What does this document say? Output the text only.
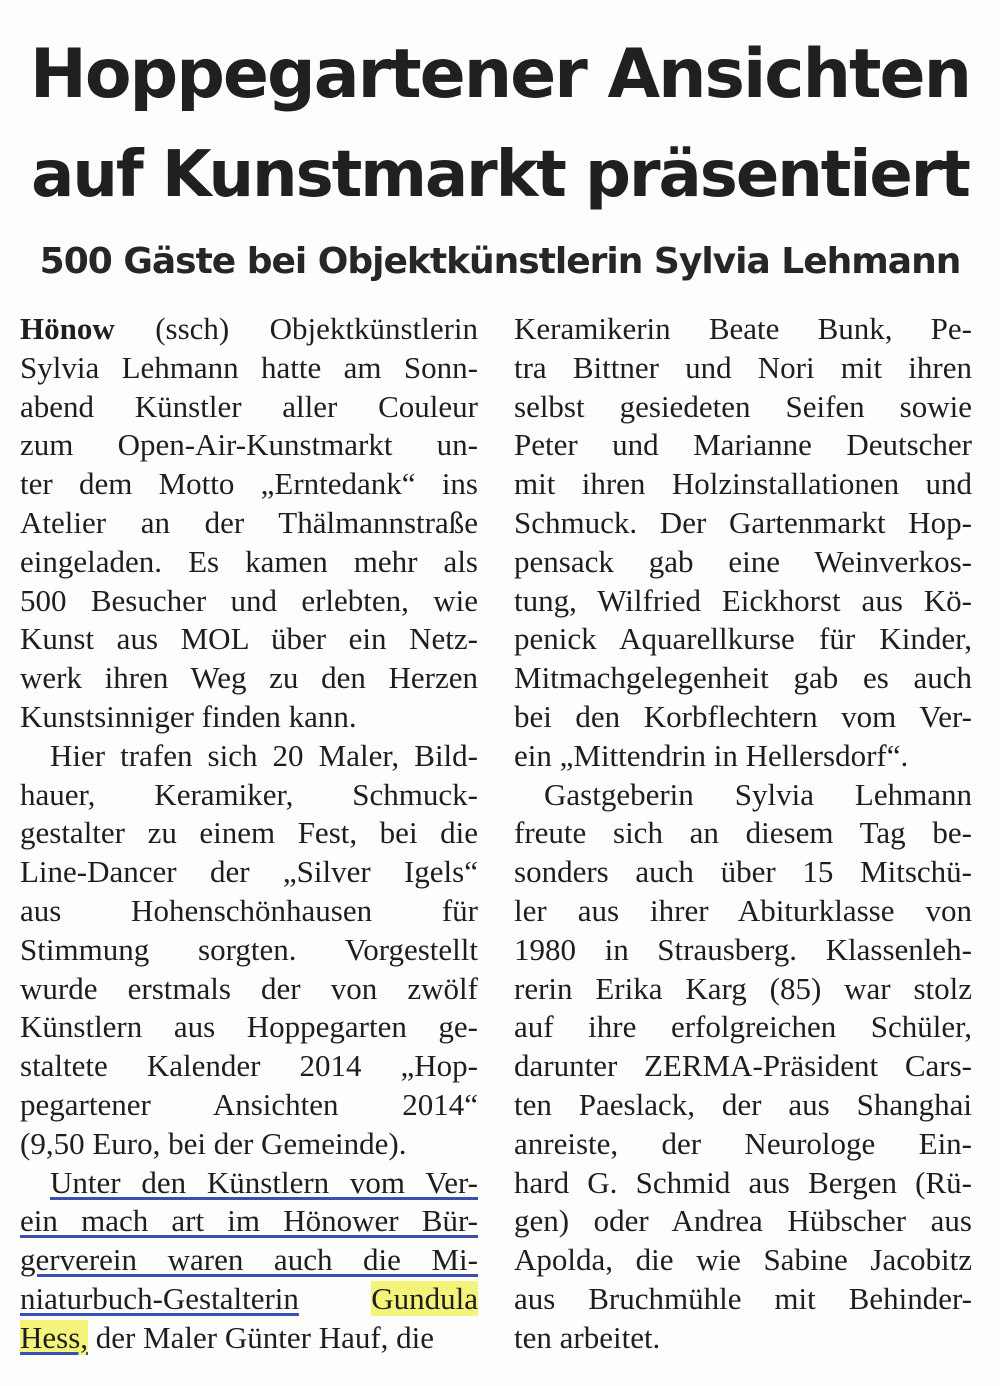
Hoppegartener Ansichten
auf Kunstmarkt präsentiert
500 Gäste bei Objektkünstlerin Sylvia Lehmann
Hönow (ssch) Objektkünstlerin
Sylvia Lehmann hatte am Sonn-
abend Künstler aller Couleur
zum Open-Air-Kunstmarkt un-
ter dem Motto „Erntedank“ ins
Atelier an der Thälmannstraße
eingeladen. Es kamen mehr als
500 Besucher und erlebten, wie
Kunst aus MOL über ein Netz-
werk ihren Weg zu den Herzen
Kunstsinniger finden kann.
Hier trafen sich 20 Maler, Bild-
hauer, Keramiker, Schmuck-
gestalter zu einem Fest, bei die
Line-Dancer der „Silver Igels“
aus Hohenschönhausen für
Stimmung sorgten. Vorgestellt
wurde erstmals der von zwölf
Künstlern aus Hoppegarten ge-
staltete Kalender 2014 „Hop-
pegartener Ansichten 2014“
(9,50 Euro, bei der Gemeinde).
Unter den Künstlern vom Ver-
ein mach art im Hönower Bür-
gerverein waren auch die Mi-
niaturbuch-Gestalterin Gundula
Hess, der Maler Günter Hauf, die
Keramikerin Beate Bunk, Pe-
tra Bittner und Nori mit ihren
selbst gesiedeten Seifen sowie
Peter und Marianne Deutscher
mit ihren Holzinstallationen und
Schmuck. Der Gartenmarkt Hop-
pensack gab eine Weinverkos-
tung, Wilfried Eickhorst aus Kö-
penick Aquarellkurse für Kinder,
Mitmachgelegenheit gab es auch
bei den Korbflechtern vom Ver-
ein „Mittendrin in Hellersdorf“.
Gastgeberin Sylvia Lehmann
freute sich an diesem Tag be-
sonders auch über 15 Mitschü-
ler aus ihrer Abiturklasse von
1980 in Strausberg. Klassenleh-
rerin Erika Karg (85) war stolz
auf ihre erfolgreichen Schüler,
darunter ZERMA-Präsident Cars-
ten Paeslack, der aus Shanghai
anreiste, der Neurologe Ein-
hard G. Schmid aus Bergen (Rü-
gen) oder Andrea Hübscher aus
Apolda, die wie Sabine Jacobitz
aus Bruchmühle mit Behinder-
ten arbeitet.
